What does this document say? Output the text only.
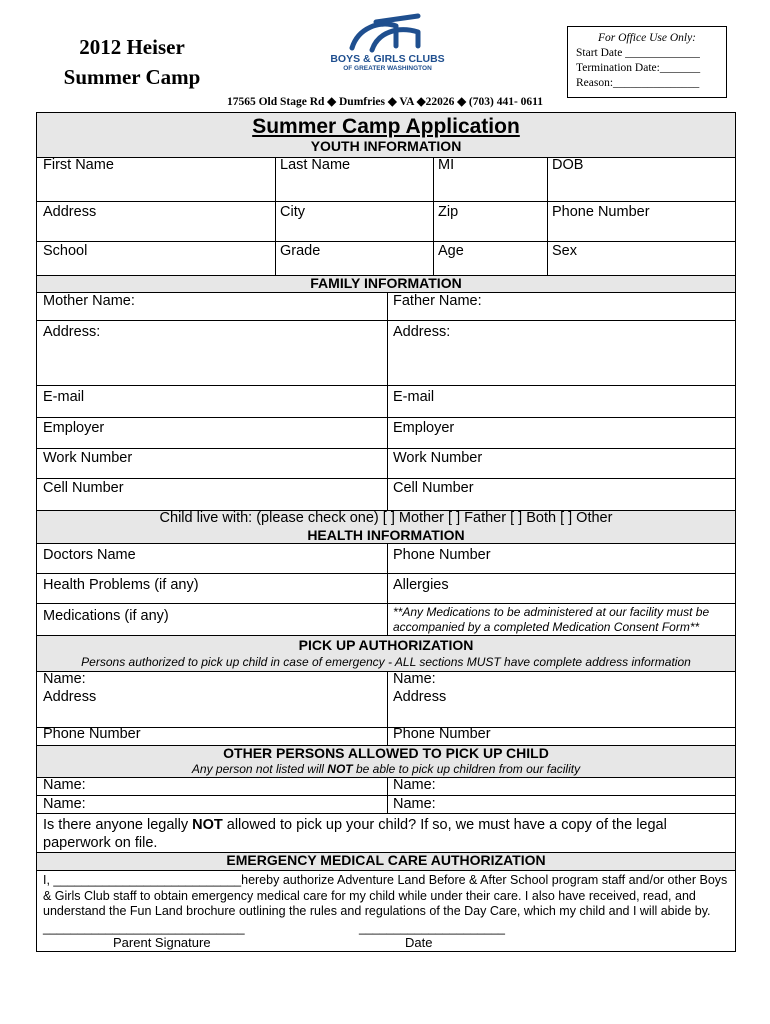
2012 Heiser
Summer Camp
BOYS & GIRLS CLUBS
OF GREATER WASHINGTON
For Office Use Only:
Start Date _____________
Termination Date:_______
Reason:_______________
17565 Old Stage Rd ◆ Dumfries ◆ VA ◆22026 ◆ (703) 441- 0611
Summer Camp Application
YOUTH INFORMATION
First Name	Last Name	MI	DOB
Address	City	Zip	Phone Number
School	Grade	Age	Sex
FAMILY INFORMATION
Mother Name:	Father Name:
Address:	Address:
E-mail	E-mail
Employer	Employer
Work Number	Work Number
Cell Number	Cell Number
Child live with: (please check one) [ ] Mother [ ] Father [ ] Both [ ] Other
HEALTH INFORMATION
Doctors Name	Phone Number
Health Problems (if any)	Allergies
Medications (if any)	**Any Medications to be administered at our facility must be
accompanied by a completed Medication Consent Form**
PICK UP AUTHORIZATION
Persons authorized to pick up child in case of emergency - ALL sections MUST have complete address information
Name:	Name:
Address	Address
Phone Number	Phone Number
OTHER PERSONS ALLOWED TO PICK UP CHILD
Any person not listed will NOT be able to pick up children from our facility
Name:	Name:
Name:	Name:
Is there anyone legally NOT allowed to pick up your child? If so, we must have a copy of the legal paperwork on file.
EMERGENCY MEDICAL CARE AUTHORIZATION
I, ___________________________hereby authorize Adventure Land Before & After School program staff and/or other Boys & Girls Club staff to obtain emergency medical care for my child while under their care. I also have received, read, and understand the Fun Land brochure outlining the rules and regulations of the Day Care, which my child and I will abide by.
_____________________________	_____________________
Parent Signature	Date
